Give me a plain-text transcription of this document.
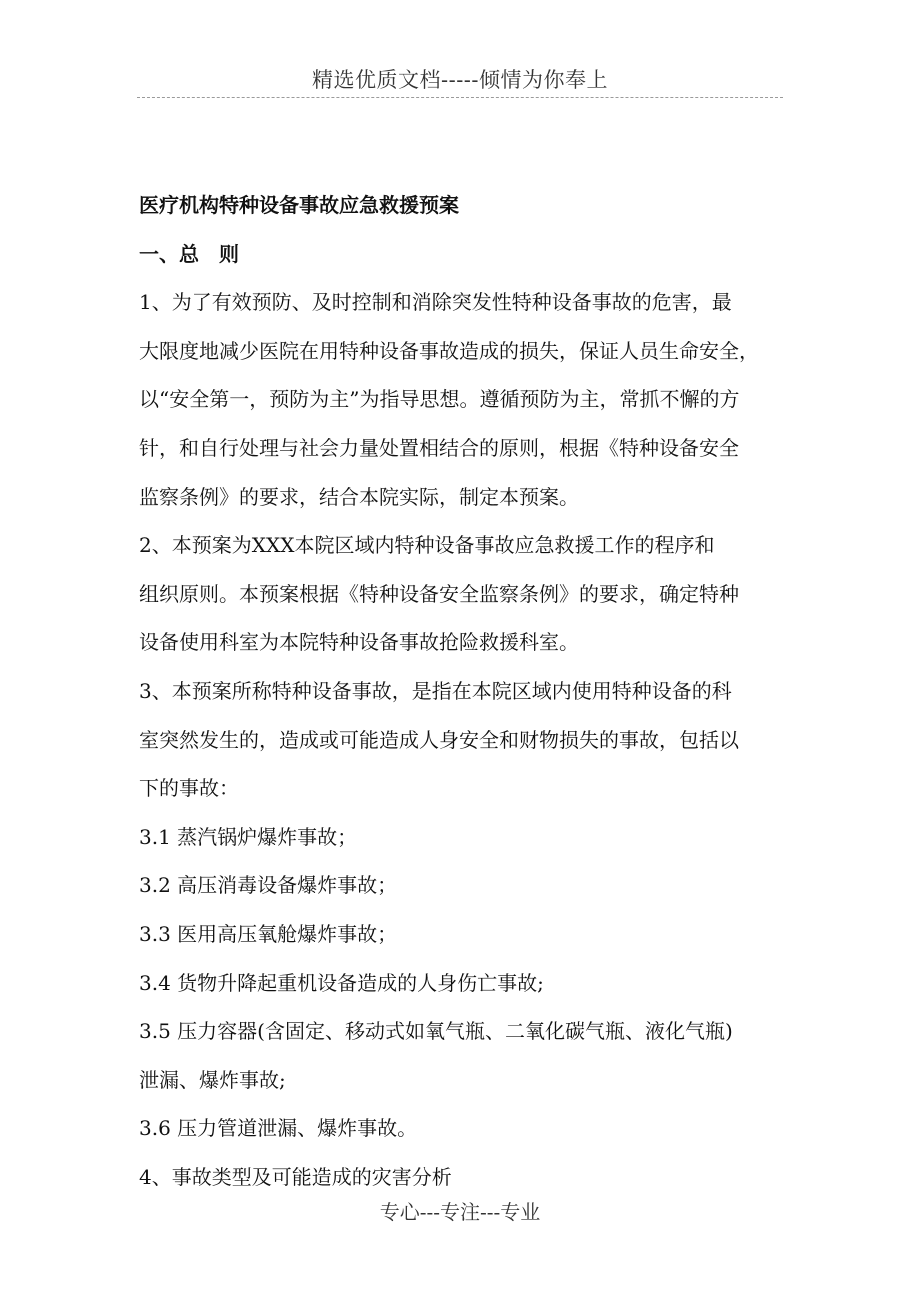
精选优质文档-----倾情为你奉上
医疗机构特种设备事故应急救援预案
一、总　则
1、为了有效预防、及时控制和消除突发性特种设备事故的危害，最
大限度地减少医院在用特种设备事故造成的损失，保证人员生命安全，
以“安全第一，预防为主”为指导思想。遵循预防为主，常抓不懈的方
针，和自行处理与社会力量处置相结合的原则，根据《特种设备安全
监察条例》的要求，结合本院实际，制定本预案。
2、本预案为XXX本院区域内特种设备事故应急救援工作的程序和
组织原则。本预案根据《特种设备安全监察条例》的要求，确定特种
设备使用科室为本院特种设备事故抢险救援科室。
3、本预案所称特种设备事故，是指在本院区域内使用特种设备的科
室突然发生的，造成或可能造成人身安全和财物损失的事故，包括以
下的事故：
3.1 蒸汽锅炉爆炸事故；
3.2 高压消毒设备爆炸事故；
3.3 医用高压氧舱爆炸事故；
3.4 货物升降起重机设备造成的人身伤亡事故;
3.5 压力容器(含固定、移动式如氧气瓶、二氧化碳气瓶、液化气瓶)
泄漏、爆炸事故;
3.6 压力管道泄漏、爆炸事故。
4、事故类型及可能造成的灾害分析
专心---专注---专业
